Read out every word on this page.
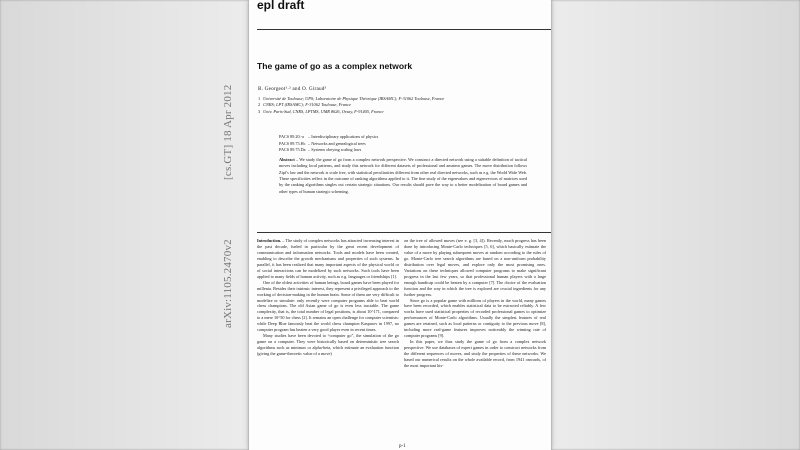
epl draft
[cs.GT] 18 Apr 2012
arXiv:1105.2470v2
The game of go as a complex network
B. Georgeot¹·² and O. Giraud³
1 Université de Toulouse; UPS; Laboratoire de Physique Théorique (IRSAMC); F-31062 Toulouse, France
2 CNRS; LPT (IRSAMC); F-31062 Toulouse, France
3 Univ. Paris-Sud, CNRS, LPTMS, UMR 8626, Orsay, F-91405, France
PACS 89.20.-a – Interdisciplinary applications of physics
PACS 89.75.Hc – Networks and genealogical trees
PACS 89.75.Da – Systems obeying scaling laws
Abstract – We study the game of go from a complex network perspective. We construct a directed network using a suitable definition of tactical moves including local patterns, and study this network for different datasets of professional and amateur games. The move distribution follows Zipf's law and the network is scale free, with statistical peculiarities different from other real directed networks, such as e.g. the World Wide Web. These specificities reflect in the outcome of ranking algorithms applied to it. The fine study of the eigenvalues and eigenvectors of matrices used by the ranking algorithms singles out certain strategic situations. Our results should pave the way to a better modelization of board games and other types of human strategic scheming.

Introduction. – The study of complex networks has attracted increasing interest in the past decade, fueled in particular by the great recent development of communication and information networks. Tools and models have been created, enabling to describe the growth mechanisms and properties of such systems. In parallel, it has been realized that many important aspects of the physical world or of social interactions can be modelized by such networks. Such tools have been applied to many fields of human activity, such as e.g. languages or friendships [1].

One of the oldest activities of human beings, board games have been played for millenia. Besides their intrinsic interest, they represent a privileged approach to the working of decision-making in the human brain. Some of them are very difficult to modelize or simulate: only recently were computer programs able to beat world chess champions. The old Asian game of go is even less tractable. The game complexity, that is, the total number of legal positions, is about 10^171, compared to a mere 10^50 for chess [2]. It remains an open challenge for computer scientists: while Deep Blue famously beat the world chess champion Kasparov in 1997, no computer program has beaten a very good player even in recent times.

Many studies have been devoted to “computer go”, the simulation of the go game on a computer. They were historically based on deterministic tree search algorithms such as minimax or alpha-beta, which estimate an evaluation function (giving the game-theoretic value of a move)

on the tree of allowed moves (see e. g. [3, 4]). Recently, much progress has been done by introducing Monte-Carlo techniques [5, 6], which basically estimate the value of a move by playing subsequent moves at random according to the rules of go. Monte-Carlo tree search algorithms are based on a non-uniform probability distribution over legal moves, and explore only the most promising ones. Variations on these techniques allowed computer programs to make significant progress in the last few years, so that professional human players with a large enough handicap could be beaten by a computer [7]. The choice of the evaluation function and the way in which the tree is explored are crucial ingredients for any further progress.

Since go is a popular game with millions of players in the world, many games have been recorded, which enables statistical data to be extracted reliably. A few works have used statistical properties of recorded professional games to optimize performances of Monte-Carlo algorithms. Usually the simplest features of real games are retained, such as local patterns or contiguity to the previous move [8], including more real-game features improves noticeably the winning rate of computer programs [9].

In this paper, we thus study the game of go from a complex network perspective. We use databases of expert games in order to construct networks from the different sequences of moves, and study the properties of these networks. We based our numerical results on the whole available record, from 1941 onwards, of the most important his-

p-1
